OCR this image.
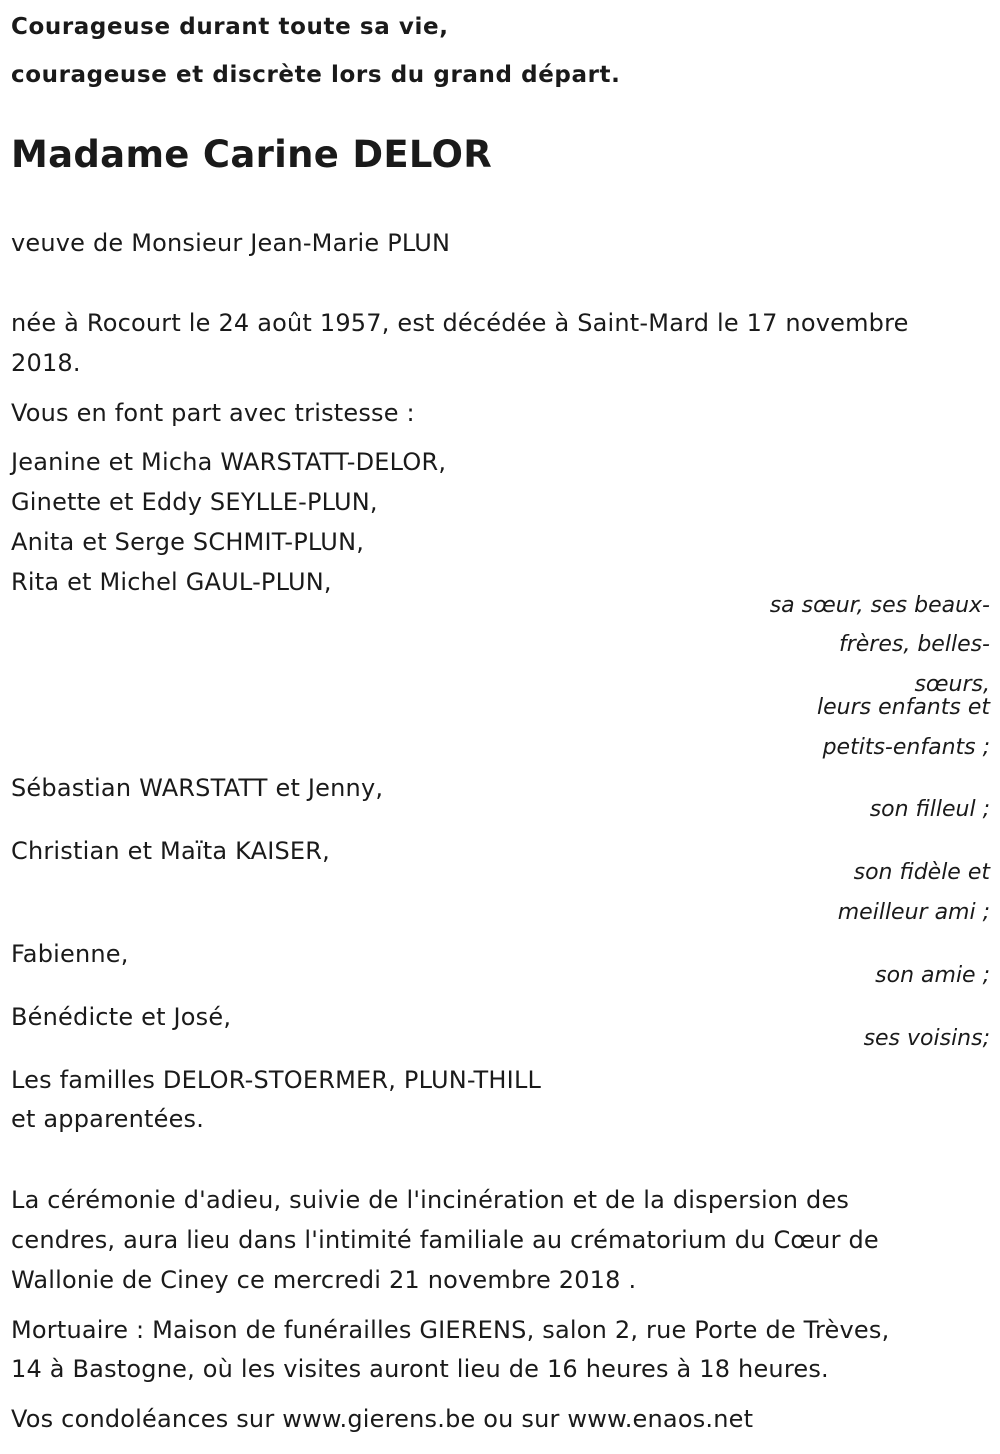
Courageuse durant toute sa vie,
courageuse et discrète lors du grand départ.
Madame Carine DELOR
veuve de Monsieur Jean-Marie PLUN
née à Rocourt le 24 août 1957, est décédée à Saint-Mard le 17 novembre
2018.
Vous en font part avec tristesse :
Jeanine et Micha WARSTATT-DELOR,
Ginette et Eddy SEYLLE-PLUN,
Anita et Serge SCHMIT-PLUN,
Rita et Michel GAUL-PLUN,
sa sœur, ses beaux-
frères, belles-
sœurs,
leurs enfants et
petits-enfants ;
Sébastian WARSTATT et Jenny,
son filleul ;
Christian et Maïta KAISER,
son fidèle et
meilleur ami ;
Fabienne,
son amie ;
Bénédicte et José,
ses voisins;
Les familles DELOR-STOERMER, PLUN-THILL
et apparentées.
La cérémonie d'adieu, suivie de l'incinération et de la dispersion des
cendres, aura lieu dans l'intimité familiale au crématorium du Cœur de
Wallonie de Ciney ce mercredi 21 novembre 2018 .
Mortuaire : Maison de funérailles GIERENS, salon 2, rue Porte de Trèves,
14 à Bastogne, où les visites auront lieu de 16 heures à 18 heures.
Vos condoléances sur www.gierens.be ou sur www.enaos.net
